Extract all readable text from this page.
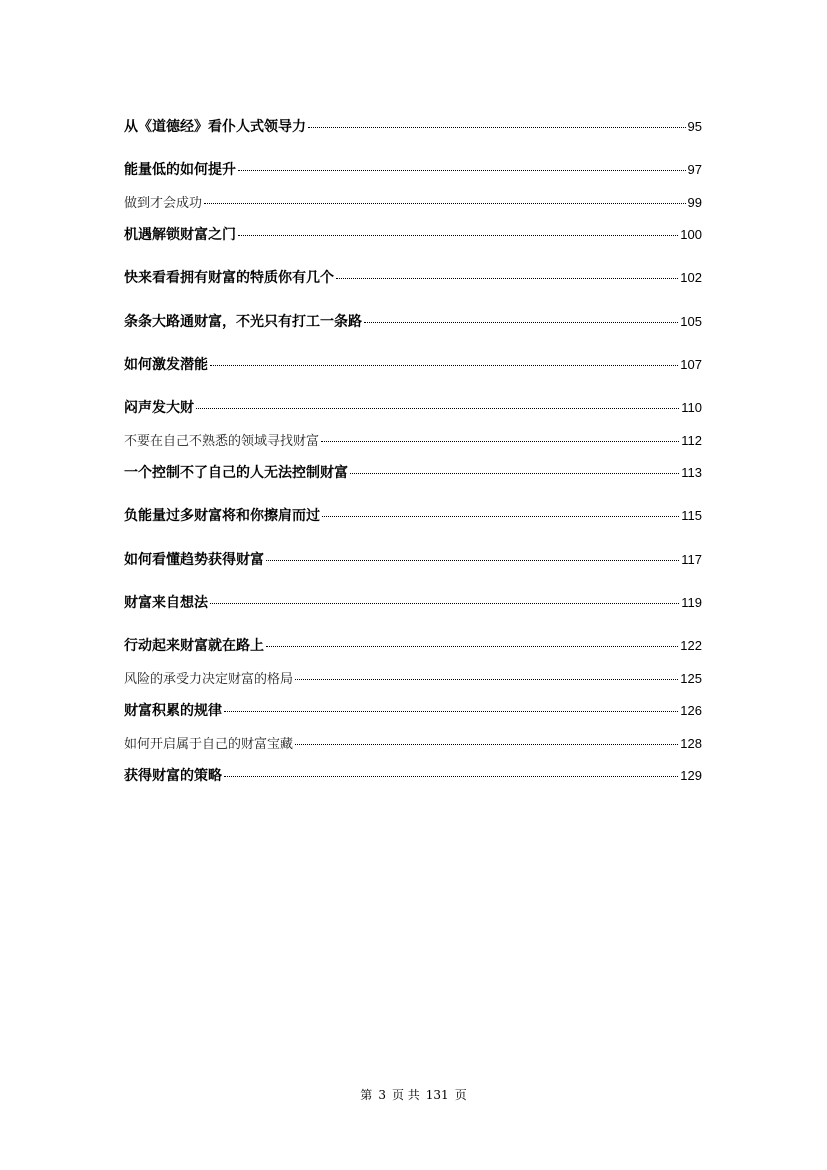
从《道德经》看仆人式领导力	95
能量低的如何提升	97
做到才会成功	99
机遇解锁财富之门	100
快来看看拥有财富的特质你有几个	102
条条大路通财富，不光只有打工一条路	105
如何激发潜能	107
闷声发大财	110
不要在自己不熟悉的领域寻找财富	112
一个控制不了自己的人无法控制财富	113
负能量过多财富将和你擦肩而过	115
如何看懂趋势获得财富	117
财富来自想法	119
行动起来财富就在路上	122
风险的承受力决定财富的格局	125
财富积累的规律	126
如何开启属于自己的财富宝藏	128
获得财富的策略	129
第 3 页 共 131 页
